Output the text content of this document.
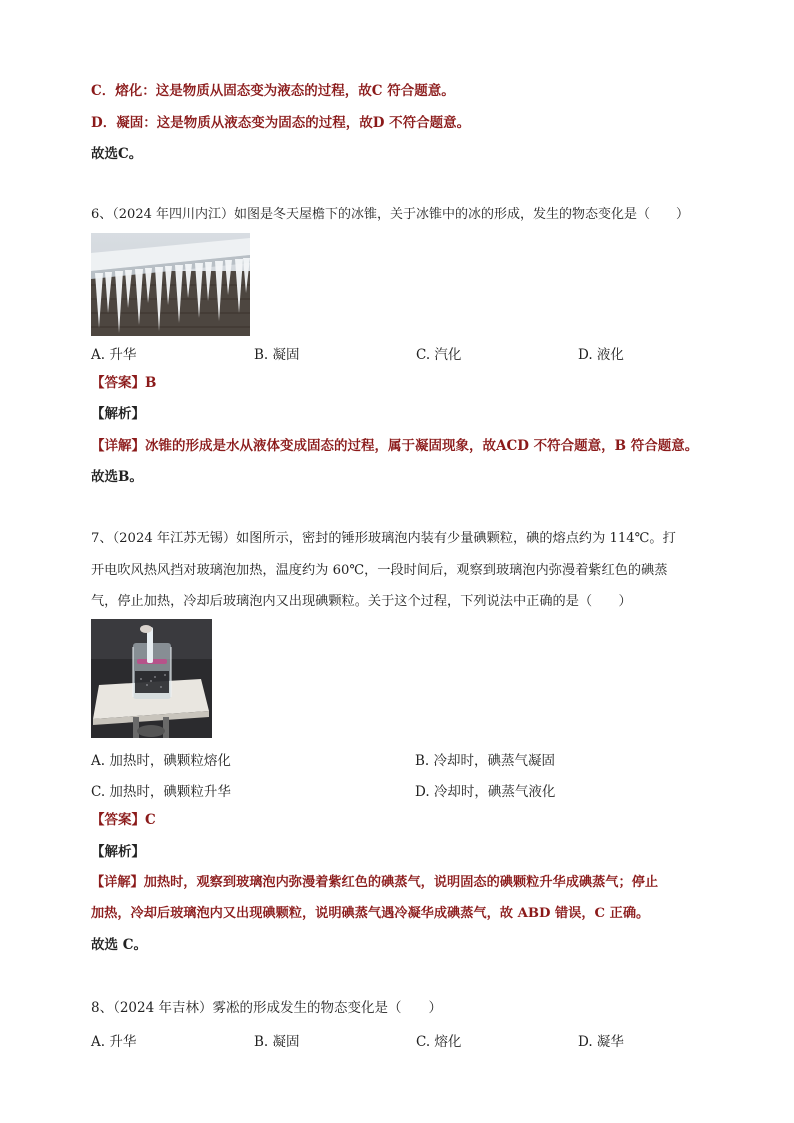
C．熔化：这是物质从固态变为液态的过程，故C 符合题意。
D．凝固：这是物质从液态变为固态的过程，故D 不符合题意。
故选C。
6、（2024 年四川内江）如图是冬天屋檐下的冰锥，关于冰锥中的冰的形成，发生的物态变化是（　　）
A. 升华	B. 凝固	C. 汽化	D. 液化
【答案】B
【解析】
【详解】冰锥的形成是水从液体变成固态的过程，属于凝固现象，故ACD 不符合题意，B 符合题意。
故选B。
7、（2024 年江苏无锡）如图所示，密封的锤形玻璃泡内装有少量碘颗粒，碘的熔点约为 114℃。打
开电吹风热风挡对玻璃泡加热，温度约为 60℃，一段时间后，观察到玻璃泡内弥漫着紫红色的碘蒸
气，停止加热，冷却后玻璃泡内又出现碘颗粒。关于这个过程，下列说法中正确的是（　　）
A. 加热时，碘颗粒熔化	B. 冷却时，碘蒸气凝固
C. 加热时，碘颗粒升华	D. 冷却时，碘蒸气液化
【答案】C
【解析】
【详解】加热时，观察到玻璃泡内弥漫着紫红色的碘蒸气，说明固态的碘颗粒升华成碘蒸气；停止
加热，冷却后玻璃泡内又出现碘颗粒，说明碘蒸气遇冷凝华成碘蒸气，故 ABD 错误，C 正确。
故选 C。
8、（2024 年吉林）雾凇的形成发生的物态变化是（　　）
A. 升华	B. 凝固	C. 熔化	D. 凝华
